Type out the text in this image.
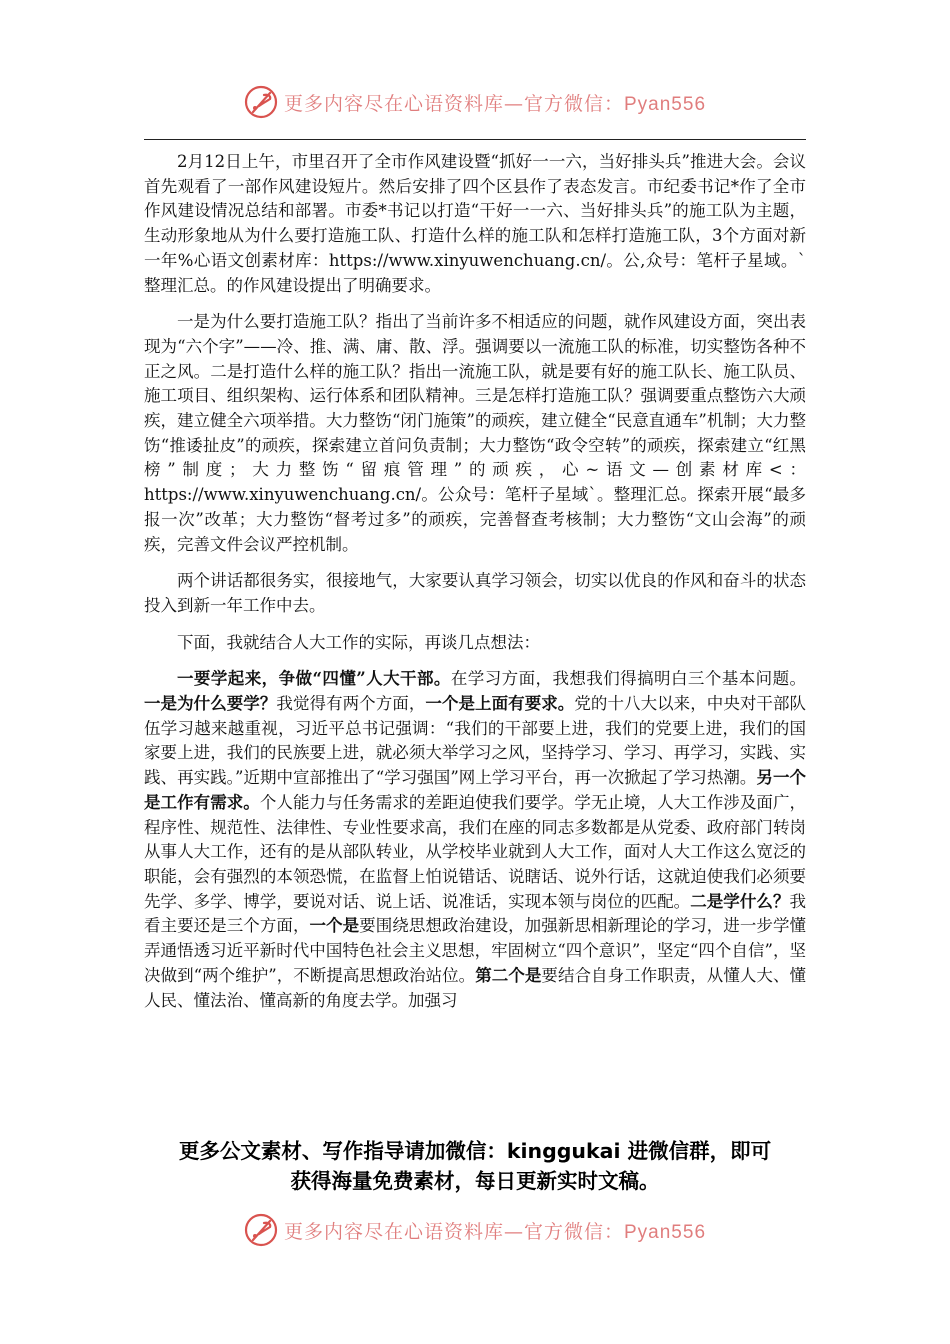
更多内容尽在心语资料库—官方微信：Pyan556

2月12日上午，市里召开了全市作风建设暨“抓好一一六，当好排头兵”推进大会。会议首先观看了一部作风建设短片。然后安排了四个区县作了表态发言。市纪委书记*作了全市作风建设情况总结和部署。市委*书记以打造“干好一一六、当好排头兵”的施工队为主题，生动形象地从为什么要打造施工队、打造什么样的施工队和怎样打造施工队，3个方面对新一年%心语文创素材库：https://www.xinyuwenchuang.cn/。公,众号：笔杆子星域。`整理汇总。的作风建设提出了明确要求。

一是为什么要打造施工队？指出了当前许多不相适应的问题，就作风建设方面，突出表现为“六个字”——冷、推、满、庸、散、浮。强调要以一流施工队的标准，切实整饬各种不正之风。二是打造什么样的施工队？指出一流施工队，就是要有好的施工队长、施工队员、施工项目、组织架构、运行体系和团队精神。三是怎样打造施工队？强调要重点整饬六大顽疾，建立健全六项举措。大力整饬“闭门施策”的顽疾，建立健全“民意直通车”机制；大力整饬“推诿扯皮”的顽疾，探索建立首问负责制；大力整饬“政令空转”的顽疾，探索建立“红黑榜”制度；大力整饬“留痕管理”的顽疾，心~语文—创素材库<：https://www.xinyuwenchuang.cn/。公众号：笔杆子星域`。整理汇总。探索开展“最多报一次”改革；大力整饬“督考过多”的顽疾，完善督查考核制；大力整饬“文山会海”的顽疾，完善文件会议严控机制。

两个讲话都很务实，很接地气，大家要认真学习领会，切实以优良的作风和奋斗的状态投入到新一年工作中去。

下面，我就结合人大工作的实际，再谈几点想法：

一要学起来，争做“四懂”人大干部。在学习方面，我想我们得搞明白三个基本问题。一是为什么要学？我觉得有两个方面，一个是上面有要求。党的十八大以来，中央对干部队伍学习越来越重视，习近平总书记强调：“我们的干部要上进，我们的党要上进，我们的国家要上进，我们的民族要上进，就必须大举学习之风，坚持学习、学习、再学习，实践、实践、再实践。”近期中宣部推出了“学习强国”网上学习平台，再一次掀起了学习热潮。另一个是工作有需求。个人能力与任务需求的差距迫使我们要学。学无止境，人大工作涉及面广，程序性、规范性、法律性、专业性要求高，我们在座的同志多数都是从党委、政府部门转岗从事人大工作，还有的是从部队转业，从学校毕业就到人大工作，面对人大工作这么宽泛的职能，会有强烈的本领恐慌，在监督上怕说错话、说瞎话、说外行话，这就迫使我们必须要先学、多学、博学，要说对话、说上话、说准话，实现本领与岗位的匹配。二是学什么？我看主要还是三个方面，一个是要围绕思想政治建设，加强新思相新理论的学习，进一步学懂弄通悟透习近平新时代中国特色社会主义思想，牢固树立“四个意识”，坚定“四个自信”，坚决做到“两个维护”，不断提高思想政治站位。第二个是要结合自身工作职责，从懂人大、懂人民、懂法治、懂高新的角度去学。加强习

更多公文素材、写作指导请加微信：kinggukai 进微信群，即可
获得海量免费素材，每日更新实时文稿。
更多内容尽在心语资料库—官方微信：Pyan556
